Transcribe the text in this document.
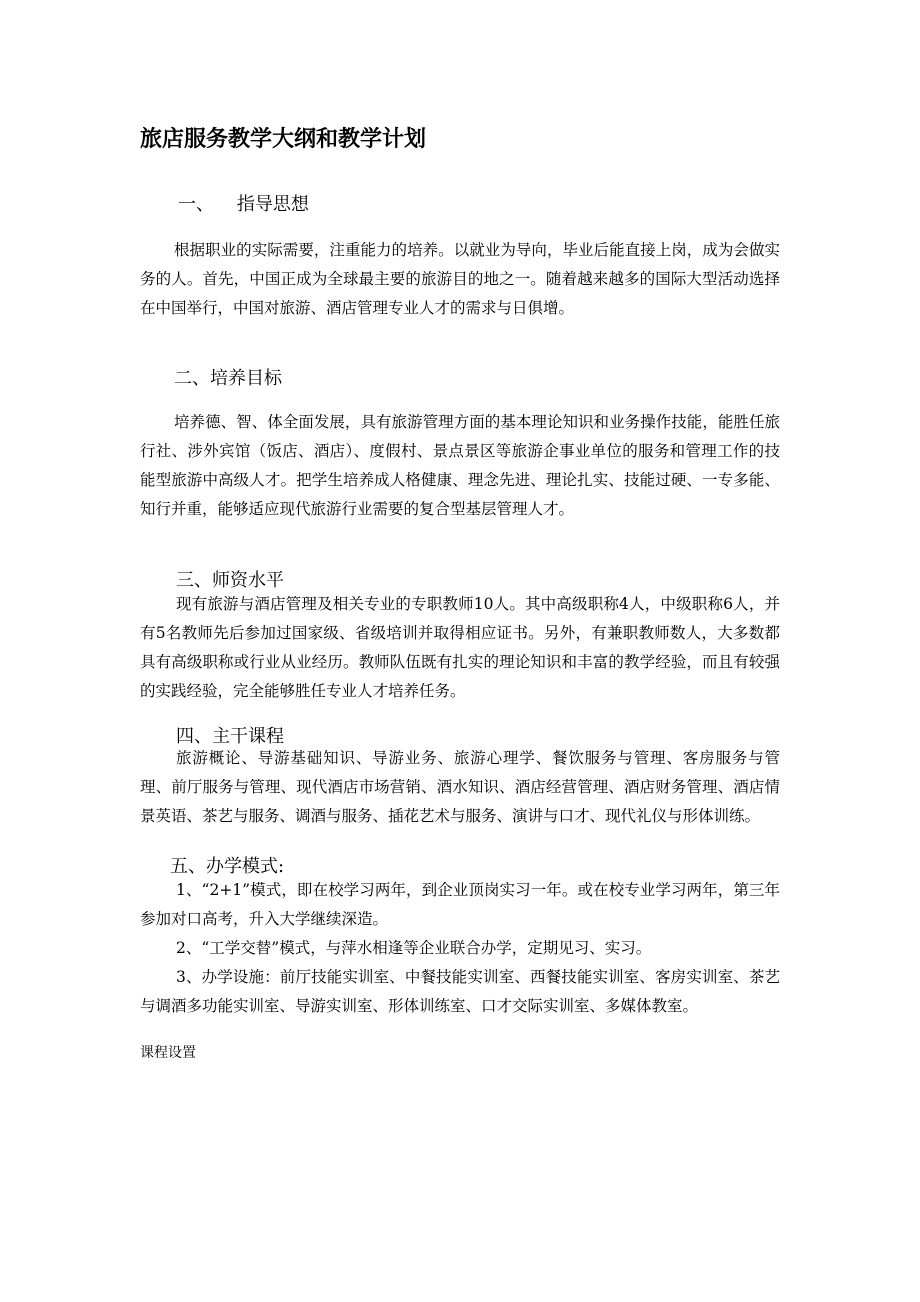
旅店服务教学大纲和教学计划
一、    指导思想

根据职业的实际需要，注重能力的培养。以就业为导向，毕业后能直接上岗，成为会做实务的人。首先，中国正成为全球最主要的旅游目的地之一。随着越来越多的国际大型活动选择在中国举行，中国对旅游、酒店管理专业人才的需求与日俱增。

二、培养目标

培养德、智、体全面发展，具有旅游管理方面的基本理论知识和业务操作技能，能胜任旅行社、涉外宾馆（饭店、酒店）、度假村、景点景区等旅游企事业单位的服务和管理工作的技能型旅游中高级人才。把学生培养成人格健康、理念先进、理论扎实、技能过硬、一专多能、知行并重，能够适应现代旅游行业需要的复合型基层管理人才。

三、师资水平

现有旅游与酒店管理及相关专业的专职教师10人。其中高级职称4人，中级职称6人，并有5名教师先后参加过国家级、省级培训并取得相应证书。另外，有兼职教师数人，大多数都具有高级职称或行业从业经历。教师队伍既有扎实的理论知识和丰富的教学经验，而且有较强的实践经验，完全能够胜任专业人才培养任务。

四、主干课程

旅游概论、导游基础知识、导游业务、旅游心理学、餐饮服务与管理、客房服务与管理、前厅服务与管理、现代酒店市场营销、酒水知识、酒店经营管理、酒店财务管理、酒店情景英语、茶艺与服务、调酒与服务、插花艺术与服务、演讲与口才、现代礼仪与形体训练。

五、办学模式:

1、“2+1”模式，即在校学习两年，到企业顶岗实习一年。或在校专业学习两年，第三年参加对口高考，升入大学继续深造。

2、“工学交替”模式，与萍水相逢等企业联合办学，定期见习、实习。

3、办学设施：前厅技能实训室、中餐技能实训室、西餐技能实训室、客房实训室、茶艺与调酒多功能实训室、导游实训室、形体训练室、口才交际实训室、多媒体教室。

课程设置
